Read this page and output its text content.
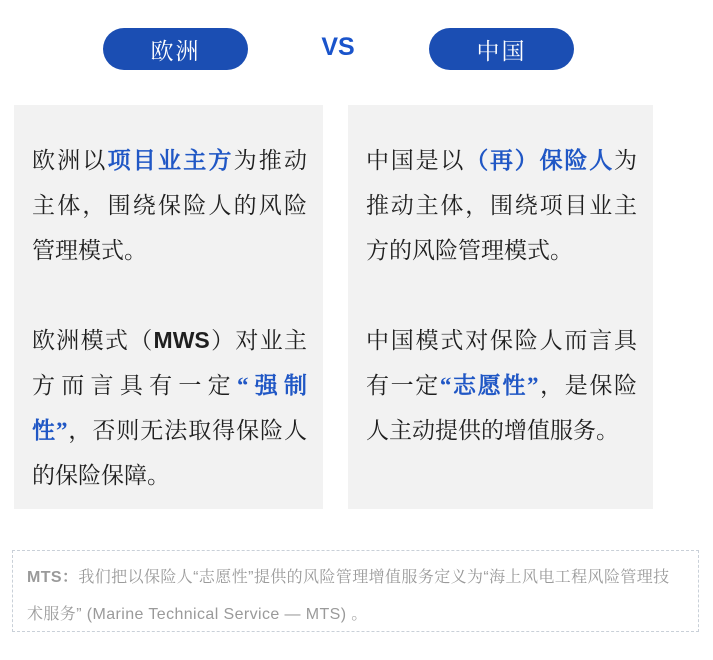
欧洲	VS	中国

欧洲以项目业主方为推动主体，围绕保险人的风险管理模式。

欧洲模式（MWS）对业主方而言具有一定“强制性”，否则无法取得保险人的保险保障。

中国是以（再）保险人为推动主体，围绕项目业主方的风险管理模式。

中国模式对保险人而言具有一定“志愿性”，是保险人主动提供的增值服务。

MTS：我们把以保险人“志愿性”提供的风险管理增值服务定义为“海上风电工程风险管理技术服务” (Marine Technical Service — MTS) 。
